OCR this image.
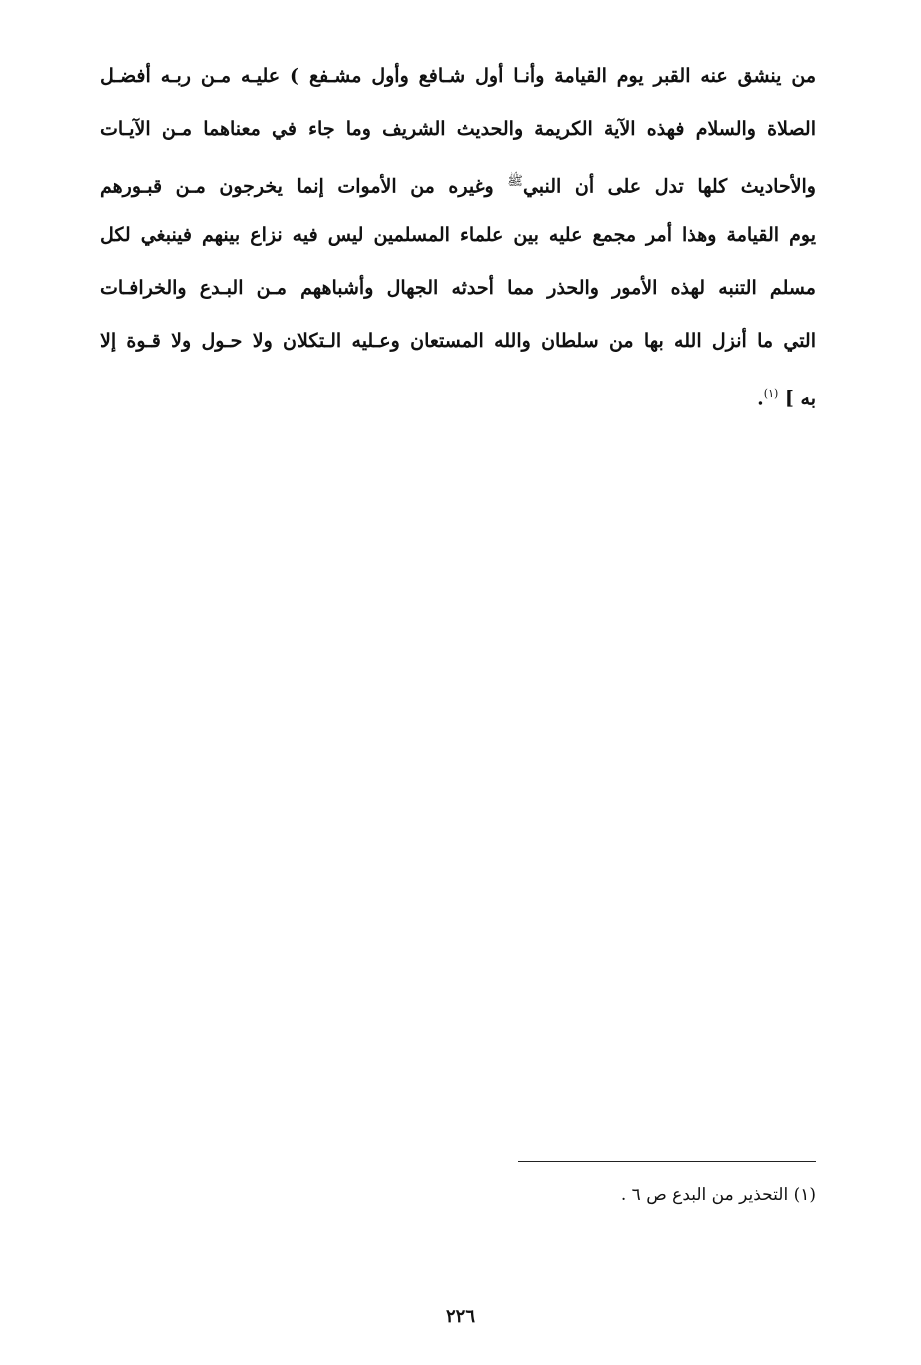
من ينشق عنه القبر يوم القيامة وأنـا أول شـافع وأول مشـفع ) عليـه مـن ربـه أفضـل
الصلاة والسلام فهذه الآية الكريمة والحديث الشريف وما جاء في معناهما مـن الآيـات
والأحاديث كلها تدل على أن النبي$^ﷺ$ وغيره من الأموات إنما يخرجون مـن قبـورهم
يوم القيامة وهذا أمر مجمع عليه بين علماء المسلمين ليس فيه نزاع بينهم فينبغي لكل
مسلم التنبه لهذه الأمور والحذر مما أحدثه الجهال وأشباههم مـن البـدع والخرافـات
التي ما أنزل الله بها من سلطان والله المستعان وعـليه الـتكلان ولا حـول ولا قـوة إلا
به ] $^{(١)}$.
(١) التحذير من البدع ص ٦ .
٢٢٦
